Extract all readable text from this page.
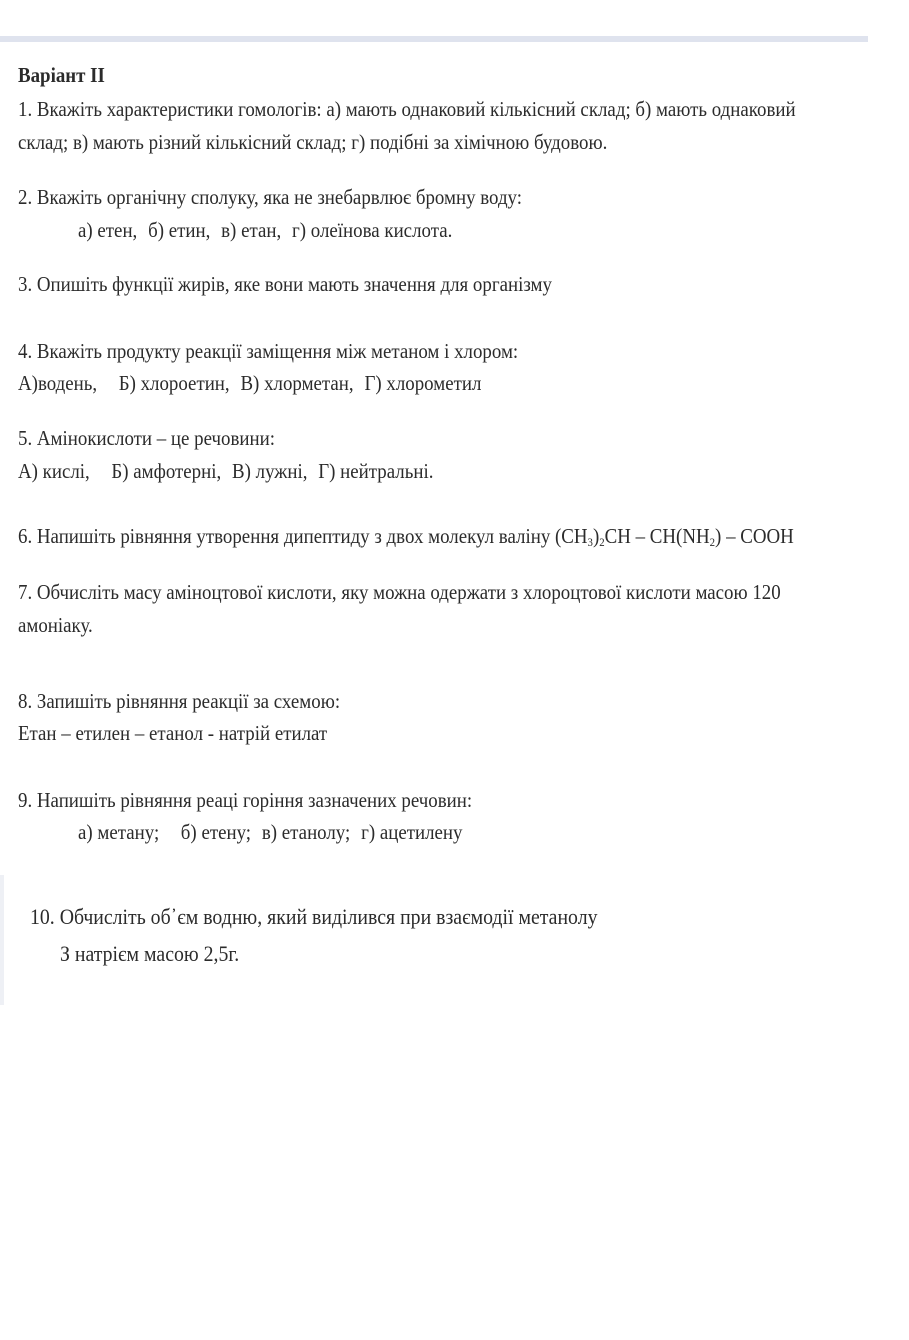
Варіант ІІ
1. Вкажіть характеристики гомологів: а) мають однаковий кількісний склад; б) мають однаковий
склад; в) мають різний кількісний склад; г) подібні за хімічною будовою.
2. Вкажіть органічну сполуку, яка не знебарвлює бромну воду:
а) етен, б) етин, в) етан, г) олеїнова кислота.
3. Опишіть функції жирів, яке вони мають значення для організму
4. Вкажіть продукту реакції заміщення між метаном і хлором:
А)водень, Б) хлороетин, В) хлорметан, Г) хлорометил
5. Амінокислоти – це речовини:
А) кислі, Б) амфотерні, В) лужні, Г) нейтральні.
6. Напишіть рівняння утворення дипептиду з двох молекул валіну $(CH_3)_2CH - CH(NH_2)$ – COOH
7. Обчисліть масу аміноцтової кислоти, яку можна одержати з хлороцтової кислоти масою 120
амоніаку.
8. Запишіть рівняння реакції за схемою:
Етан – етилен – етанол - натрій етилат
9. Напишіть рівняння реаці горіння зазначених речовин:
а) метану; б) етену; в) етанолу; г) ацетилену
10. Обчисліть об᾽єм водню, який виділився при взаємодії метанолу
З натрієм масою 2,5г.
